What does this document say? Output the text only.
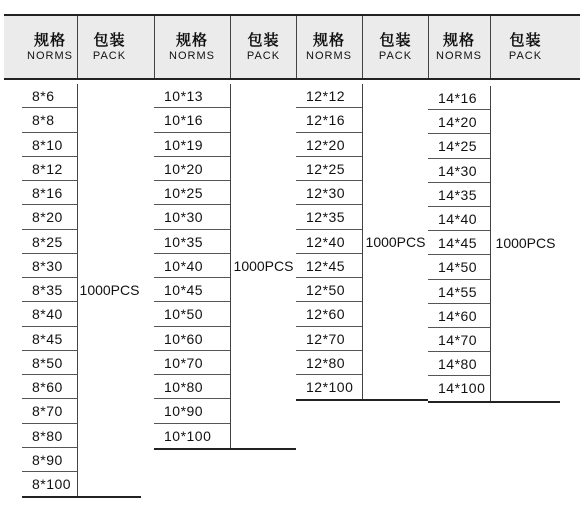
规格
NORMS
包装
PACK
规格
NORMS
包装
PACK
规格
NORMS
包装
PACK
规格
NORMS
包装
PACK
8*6
8*8
8*10
8*12
8*16
8*20
8*25
8*30
8*35
8*40
8*45
8*50
8*60
8*70
8*80
8*90
8*100
1000PCS
10*13
10*16
10*19
10*20
10*25
10*30
10*35
10*40
10*45
10*50
10*60
10*70
10*80
10*90
10*100
1000PCS
12*12
12*16
12*20
12*25
12*30
12*35
12*40
12*45
12*50
12*60
12*70
12*80
12*100
1000PCS
14*16
14*20
14*25
14*30
14*35
14*40
14*45
14*50
14*55
14*60
14*70
14*80
14*100
1000PCS
